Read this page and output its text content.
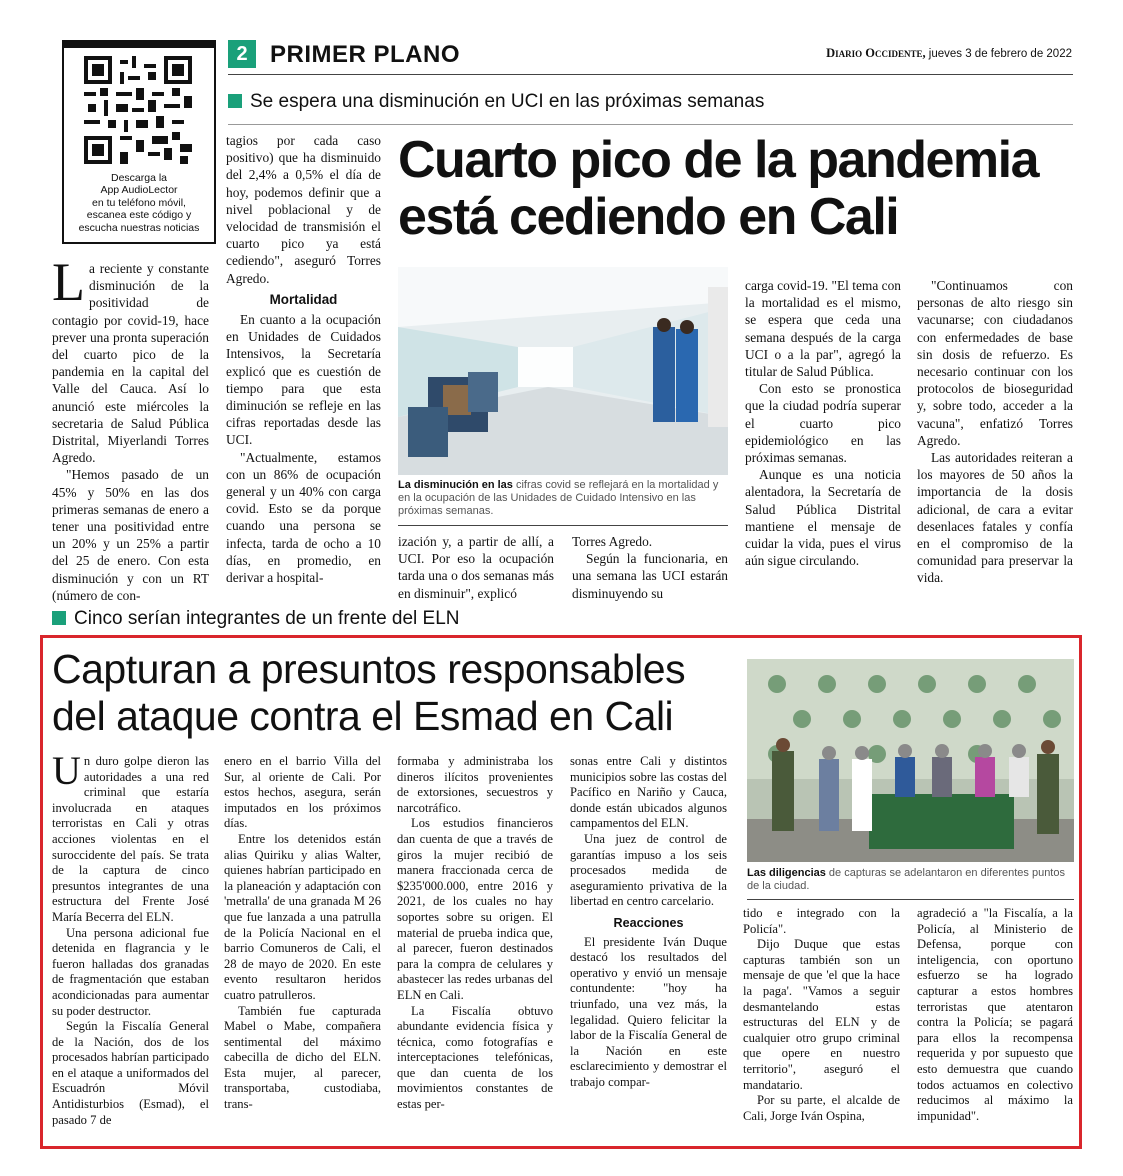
Descarga la
App AudioLector
en tu teléfono móvil,
escanea este código y
escucha nuestras noticias
2 PRIMER PLANO	Diario Occidente, jueves 3 de febrero de 2022
Se espera una disminución en UCI en las próximas semanas
Cuarto pico de la pandemia
está cediendo en Cali
La disminución en las cifras covid se reflejará en la mortalidad y en la ocupación de las Unidades de Cuidado Intensivo en las próximas semanas.

La reciente y constante disminución de la positividad de contagio por covid-19, hace prever una pronta superación del cuarto pico de la pandemia en la capital del Valle del Cauca. Así lo anunció este miércoles la secretaria de Salud Pública Distrital, Miyerlandi Torres Agredo.

"Hemos pasado de un 45% y 50% en las dos primeras semanas de enero a tener una positividad entre un 20% y un 25% a partir del 25 de enero. Con esta disminución y con un RT (número de con-

tagios por cada caso positivo) que ha disminuido del 2,4% a 0,5% el día de hoy, podemos definir que a nivel poblacional y de velocidad de transmisión el cuarto pico ya está cediendo", aseguró Torres Agredo.

Mortalidad

En cuanto a la ocupación en Unidades de Cuidados Intensivos, la Secretaría explicó que es cuestión de tiempo para que esta diminución se refleje en las cifras reportadas desde las UCI.

"Actualmente, estamos con un 86% de ocupación general y un 40% con carga covid. Esto se da porque cuando una persona se infecta, tarda de ocho a 10 días, en promedio, en derivar a hospital-

ización y, a partir de allí, a UCI. Por eso la ocupación tarda una o dos semanas más en disminuir", explicó

Torres Agredo.

Según la funcionaria, en una semana las UCI estarán disminuyendo su

carga covid-19. "El tema con la mortalidad es el mismo, se espera que ceda una semana después de la carga UCI o a la par", agregó la titular de Salud Pública.

Con esto se pronostica que la ciudad podría superar el cuarto pico epidemiológico en las próximas semanas.

Aunque es una noticia alentadora, la Secretaría de Salud Pública Distrital mantiene el mensaje de cuidar la vida, pues el virus aún sigue circulando.

"Continuamos con personas de alto riesgo sin vacunarse; con ciudadanos con enfermedades de base sin dosis de refuerzo. Es necesario continuar con los protocolos de bioseguridad y, sobre todo, acceder a la vacuna", enfatizó Torres Agredo.

Las autoridades reiteran a los mayores de 50 años la importancia de la dosis adicional, de cara a evitar desenlaces fatales y confía en el compromiso de la comunidad para preservar la vida.

Cinco serían integrantes de un frente del ELN
Capturan a presuntos responsables
del ataque contra el Esmad en Cali
Las diligencias de capturas se adelantaron en diferentes puntos de la ciudad.

Un duro golpe dieron las autoridades a una red criminal que estaría involucrada en ataques terroristas en Cali y otras acciones violentas en el suroccidente del país. Se trata de la captura de cinco presuntos integrantes de una estructura del Frente José María Becerra del ELN.

Una persona adicional fue detenida en flagrancia y le fueron halladas dos granadas de fragmentación que estaban acondicionadas para aumentar su poder destructor.

Según la Fiscalía General de la Nación, dos de los procesados habrían participado en el ataque a uniformados del Escuadrón Móvil Antidisturbios (Esmad), el pasado 7 de

enero en el barrio Villa del Sur, al oriente de Cali. Por estos hechos, asegura, serán imputados en los próximos días.

Entre los detenidos están alias Quiriku y alias Walter, quienes habrían participado en la planeación y adaptación con 'metralla' de una granada M 26 que fue lanzada a una patrulla de la Policía Nacional en el barrio Comuneros de Cali, el 28 de mayo de 2020. En este evento resultaron heridos cuatro patrulleros.

También fue capturada Mabel o Mabe, compañera sentimental del máximo cabecilla de dicho del ELN. Esta mujer, al parecer, transportaba, custodiaba, trans-

formaba y administraba los dineros ilícitos provenientes de extorsiones, secuestros y narcotráfico.

Los estudios financieros dan cuenta de que a través de giros la mujer recibió de manera fraccionada cerca de $235'000.000, entre 2016 y 2021, de los cuales no hay soportes sobre su origen. El material de prueba indica que, al parecer, fueron destinados para la compra de celulares y abastecer las redes urbanas del ELN en Cali.

La Fiscalía obtuvo abundante evidencia física y técnica, como fotografías e interceptaciones telefónicas, que dan cuenta de los movimientos constantes de estas per-

sonas entre Cali y distintos municipios sobre las costas del Pacífico en Nariño y Cauca, donde están ubicados algunos campamentos del ELN.

Una juez de control de garantías impuso a los seis procesados medida de aseguramiento privativa de la libertad en centro carcelario.

Reacciones

El presidente Iván Duque destacó los resultados del operativo y envió un mensaje contundente: "hoy ha triunfado, una vez más, la legalidad. Quiero felicitar la labor de la Fiscalía General de la Nación en este esclarecimiento y demostrar el trabajo compar-

tido e integrado con la Policía".

Dijo Duque que estas capturas también son un mensaje de que 'el que la hace la paga'. "Vamos a seguir desmantelando estas estructuras del ELN y de cualquier otro grupo criminal que opere en nuestro territorio", aseguró el mandatario.

Por su parte, el alcalde de Cali, Jorge Iván Ospina,

agradeció a "la Fiscalía, a la Policía, al Ministerio de Defensa, porque con inteligencia, con oportuno esfuerzo se ha logrado capturar a estos hombres terroristas que atentaron contra la Policía; se pagará para ellos la recompensa requerida y por supuesto que esto demuestra que cuando todos actuamos en colectivo reducimos al máximo la impunidad".
